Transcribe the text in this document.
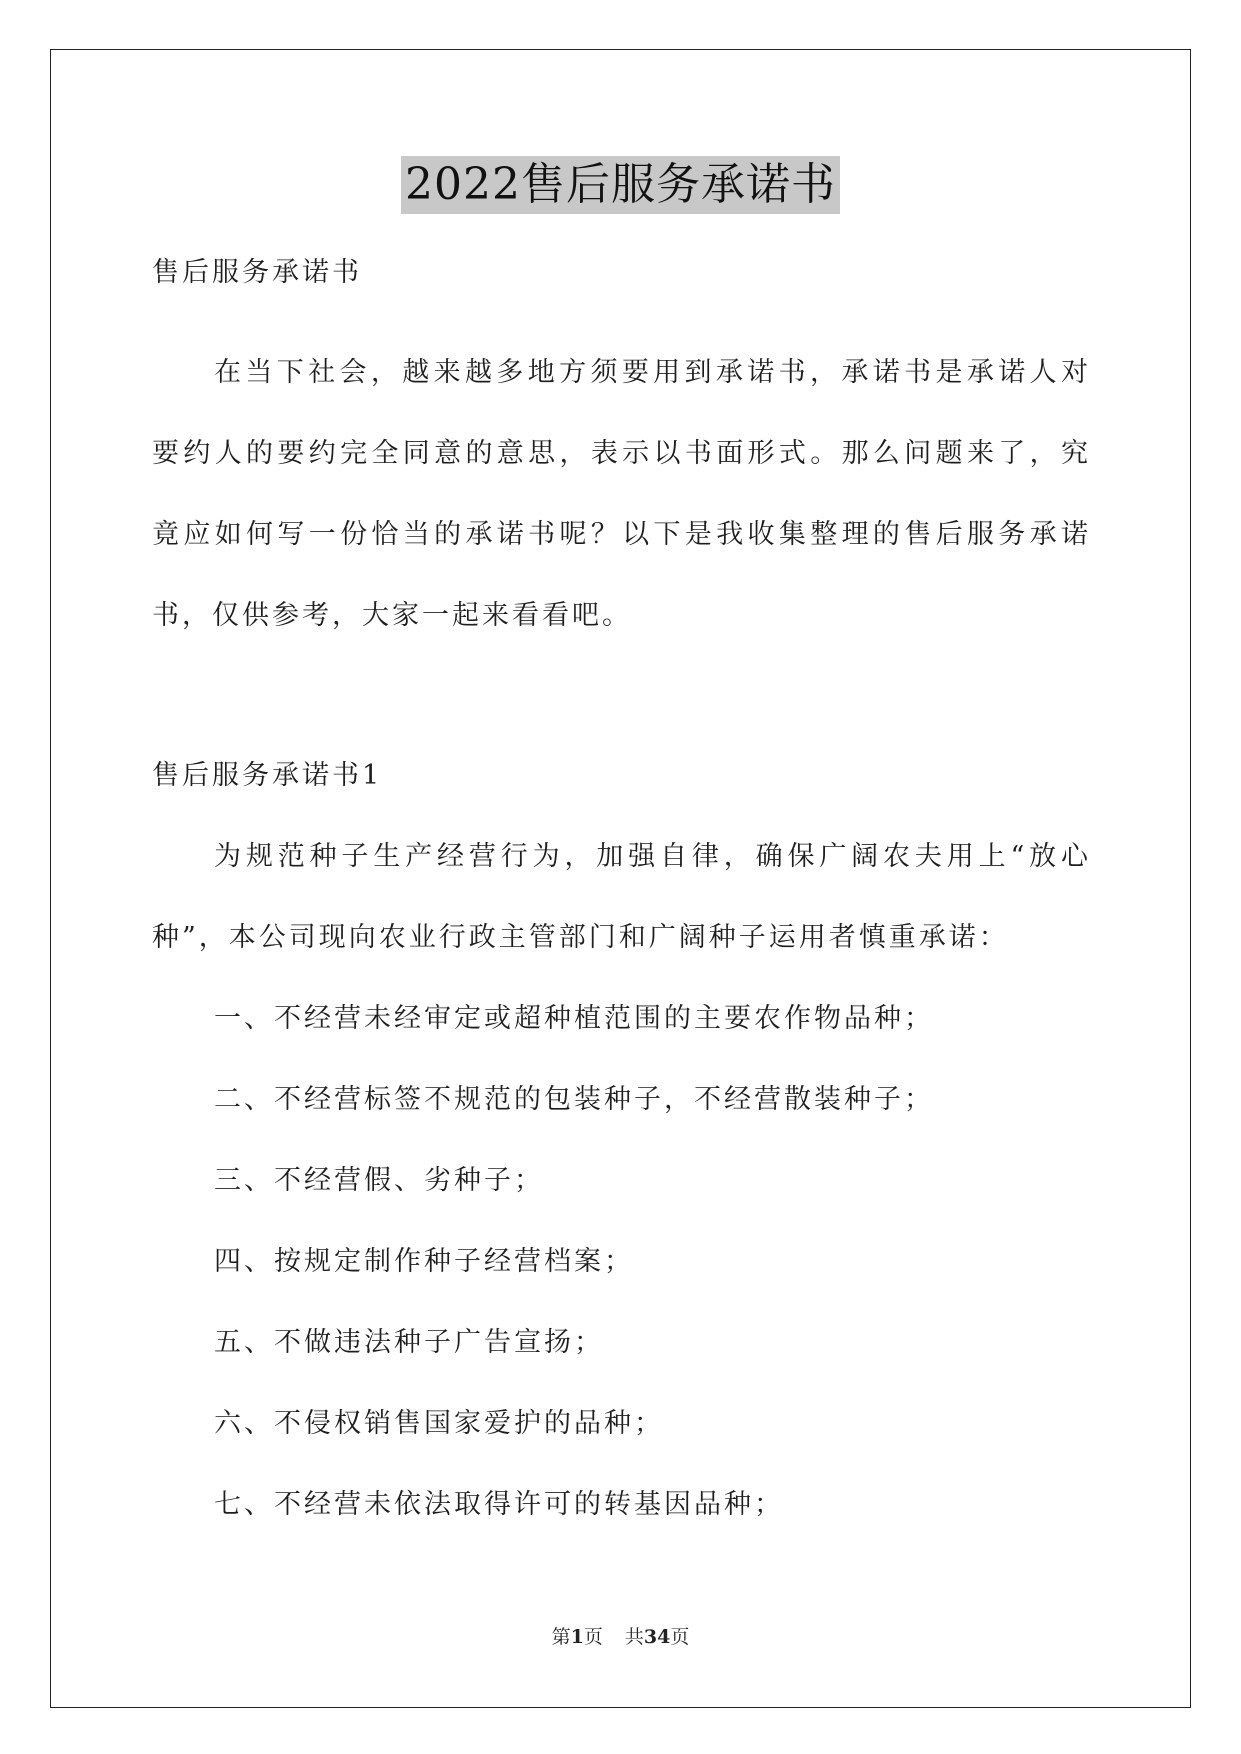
2022售后服务承诺书
售后服务承诺书
在当下社会，越来越多地方须要用到承诺书，承诺书是承诺人对
要约人的要约完全同意的意思，表示以书面形式。那么问题来了，究
竟应如何写一份恰当的承诺书呢？以下是我收集整理的售后服务承诺
书，仅供参考，大家一起来看看吧。
售后服务承诺书1
为规范种子生产经营行为，加强自律，确保广阔农夫用上“放心
种”，本公司现向农业行政主管部门和广阔种子运用者慎重承诺：
一、不经营未经审定或超种植范围的主要农作物品种；
二、不经营标签不规范的包装种子，不经营散装种子；
三、不经营假、劣种子；
四、按规定制作种子经营档案；
五、不做违法种子广告宣扬；
六、不侵权销售国家爱护的品种；
七、不经营未依法取得许可的转基因品种；
第1页 共34页
